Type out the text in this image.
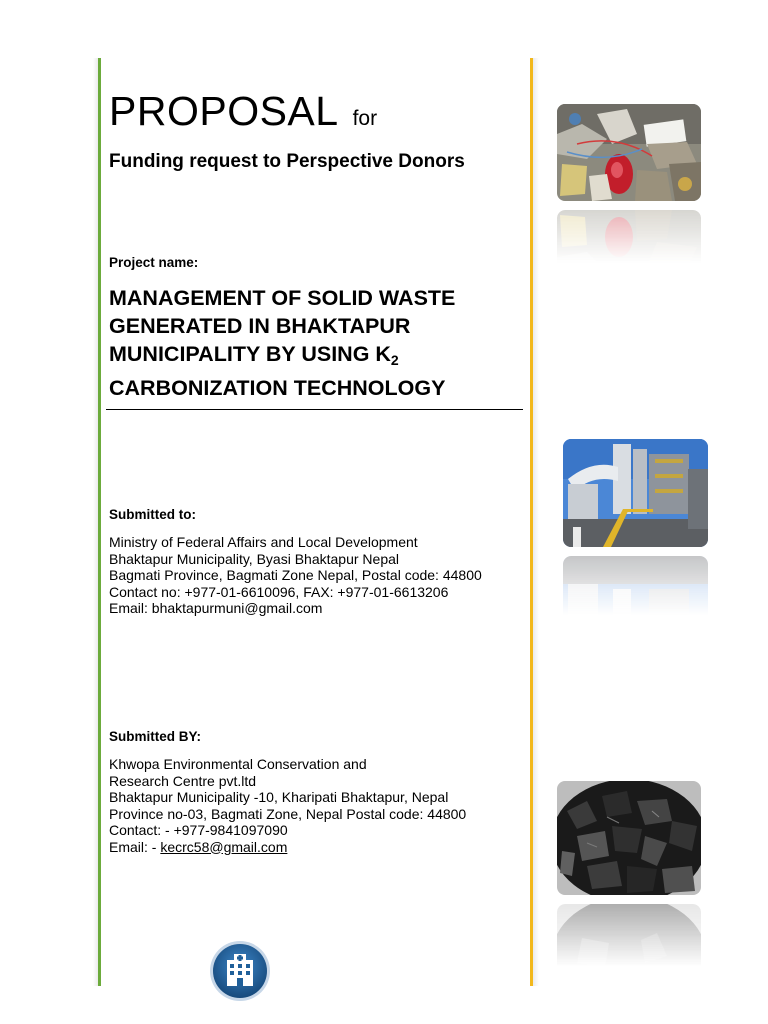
PROPOSAL for
Funding request to Perspective Donors
Project name:
MANAGEMENT OF SOLID WASTE
GENERATED IN BHAKTAPUR
MUNICIPALITY BY USING $K_2$
CARBONIZATION TECHNOLOGY
Submitted to:
Ministry of Federal Affairs and Local Development
Bhaktapur Municipality, Byasi Bhaktapur Nepal
Bagmati Province, Bagmati Zone Nepal, Postal code: 44800
Contact no: +977-01-6610096, FAX: +977-01-6613206
Email: bhaktapurmuni@gmail.com
Submitted BY:
Khwopa Environmental Conservation and
Research Centre pvt.ltd
Bhaktapur Municipality -10, Kharipati Bhaktapur, Nepal
Province no-03, Bagmati Zone, Nepal Postal code: 44800
Contact: - +977-9841097090
Email: - kecrc58@gmail.com
